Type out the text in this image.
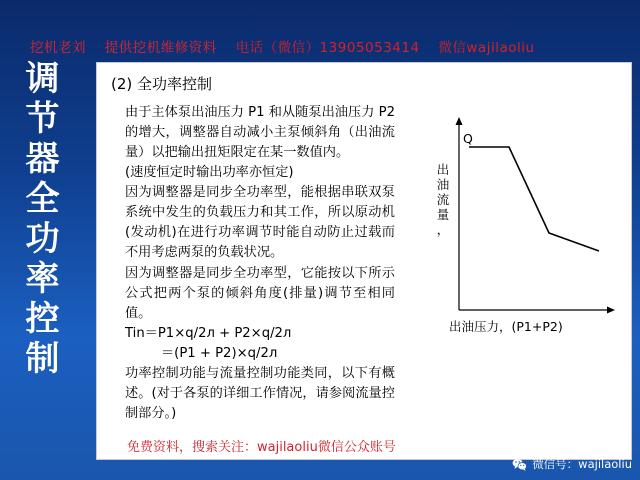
挖机老刘 提供挖机维修资料 电话（微信）13905053414 微信wajilaoliu
调
节
器
全
功
率
控
制
(2) 全功率控制

由于主体泵出油压力 P1 和从随泵出油压力 P2 的增大，调整器自动减小主泵倾斜角（出油流量）以把输出扭矩限定在某一数值内。

(速度恒定时输出功率亦恒定)

因为调整器是同步全功率型，能根据串联双泵系统中发生的负载压力和其工作，所以原动机(发动机)在进行功率调节时能自动防止过载而不用考虑两泵的负载状况。

因为调整器是同步全功率型，它能按以下所示公式把两个泵的倾斜角度(排量)调节至相同值。

Tin＝P1×q/2л + P2×q/2л

＝(P1 + P2)×q/2л

功率控制功能与流量控制功能类同，以下有概述。(对于各泵的详细工作情况，请参阅流量控制部分。)

Q
出
油
流
量
，
出油压力，(P1+P2)
免费资料，搜索关注：wajilaoliu微信公众账号
微信号：wajilaoliu
